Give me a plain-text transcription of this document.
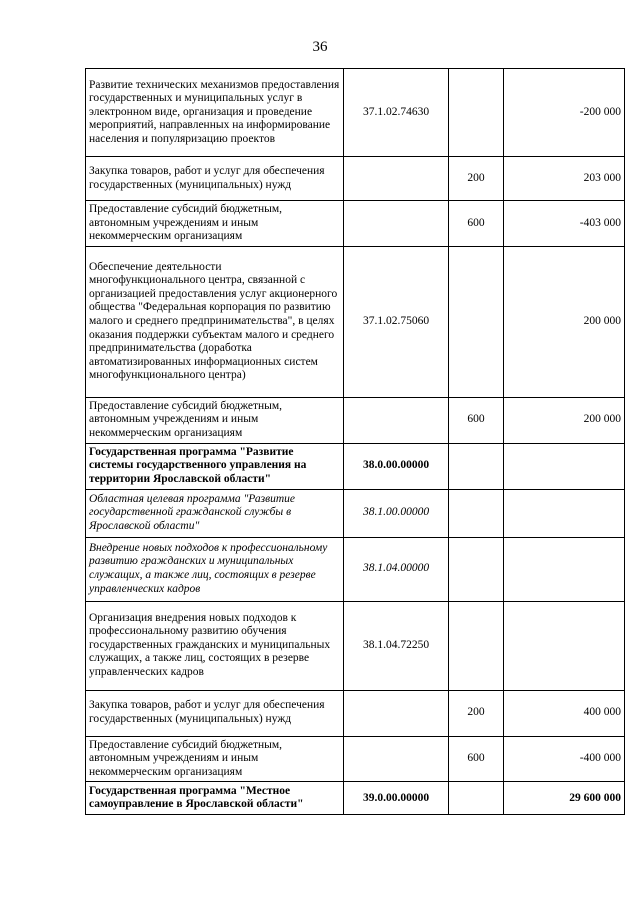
36
Развитие технических механизмов предоставления государственных и муниципальных услуг в электронном виде, организация и проведение мероприятий, направленных на информирование населения и популяризацию проектов	37.1.02.74630		-200 000
Закупка товаров, работ и услуг для обеспечения государственных (муниципальных) нужд		200	203 000
Предоставление субсидий бюджетным, автономным учреждениям и иным некоммерческим организациям		600	-403 000
Обеспечение деятельности многофункционального центра, связанной с организацией предоставления услуг акционерного общества "Федеральная корпорация по развитию малого и среднего предпринимательства", в целях оказания поддержки субъектам малого и среднего предпринимательства (доработка автоматизированных информационных систем многофункционального центра)	37.1.02.75060		200 000
Предоставление субсидий бюджетным, автономным учреждениям и иным некоммерческим организациям		600	200 000
Государственная программа "Развитие системы государственного управления на территории Ярославской области"	38.0.00.00000		
Областная целевая программа "Развитие государственной гражданской службы в Ярославской области"	38.1.00.00000		
Внедрение новых подходов к профессиональному развитию гражданских и муниципальных служащих, а также лиц, состоящих в резерве управленческих кадров	38.1.04.00000		
Организация внедрения новых подходов к профессиональному развитию обучения государственных гражданских и муниципальных служащих, а также лиц, состоящих в резерве управленческих кадров	38.1.04.72250		
Закупка товаров, работ и услуг для обеспечения государственных (муниципальных) нужд		200	400 000
Предоставление субсидий бюджетным, автономным учреждениям и иным некоммерческим организациям		600	-400 000
Государственная программа "Местное самоуправление в Ярославской области"	39.0.00.00000		29 600 000
